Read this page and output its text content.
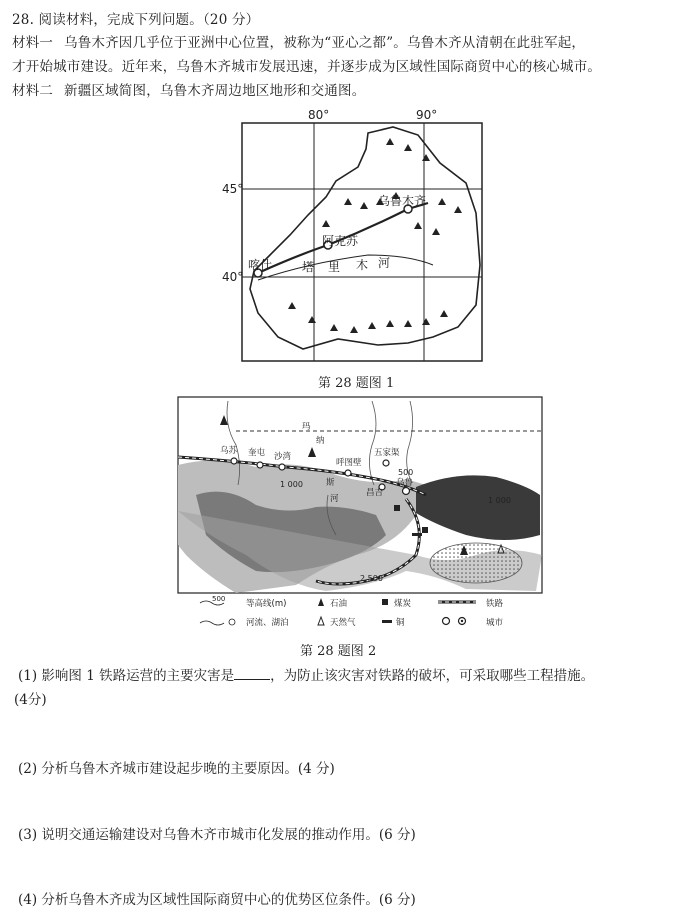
28. 阅读材料，完成下列问题。（20 分）
材料一 乌鲁木齐因几乎位于亚洲中心位置，被称为“亚心之都”。乌鲁木齐从清朝在此驻军起，
才开始城市建设。近年来，乌鲁木齐城市发展迅速，并逐步成为区域性国际商贸中心的核心城市。
材料二 新疆区域简图，乌鲁木齐周边地区地形和交通图。
80°	90°
45°
40°
乌鲁木齐
阿克苏
喀什 塔 里 木 河
第 28 题图 1
玛
纳
斯
河
乌苏 奎屯 沙湾
呼图壁
五家渠
昌吉
乌鲁
1 000
1 000
500
2 500
500 等高线(m)	石油	煤炭	铁路
河流、湖泊	天然气	铜	城市
第 28 题图 2
(1) 影响图 1 铁路运营的主要灾害是	，为防止该灾害对铁路的破坏，可采取哪些工程措施。
(4分)
(2) 分析乌鲁木齐城市建设起步晚的主要原因。(4 分)
(3) 说明交通运输建设对乌鲁木齐市城市化发展的推动作用。(6 分)
(4) 分析乌鲁木齐成为区域性国际商贸中心的优势区位条件。(6 分)
